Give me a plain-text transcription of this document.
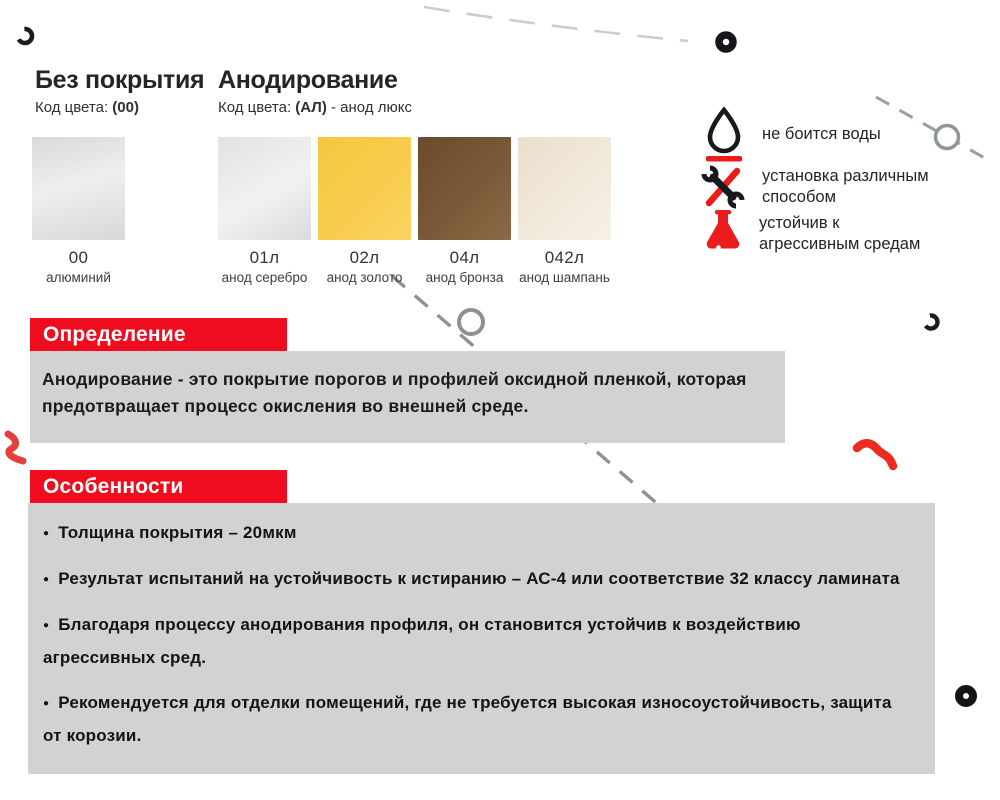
Без покрытия
Код цвета: (00)
Анодирование
Код цвета: (АЛ) - анод люкс
00
алюминий
01л
анод серебро
02л
анод золото
04л
анод бронза
042л
анод шампань
не боится воды
установка различным способом
устойчив к агрессивным средам
Определение
Анодирование - это покрытие порогов и профилей оксидной пленкой, которая предотвращает процесс окисления во внешней среде.
Особенности
● Толщина покрытия – 20мкм
● Результат испытаний на устойчивость к истиранию – АС-4 или соответствие 32 классу ламината
● Благодаря процессу анодирования профиля, он становится устойчив к воздействию агрессивных сред.
● Рекомендуется для отделки помещений, где не требуется высокая износоустойчивость, защита от корозии.
